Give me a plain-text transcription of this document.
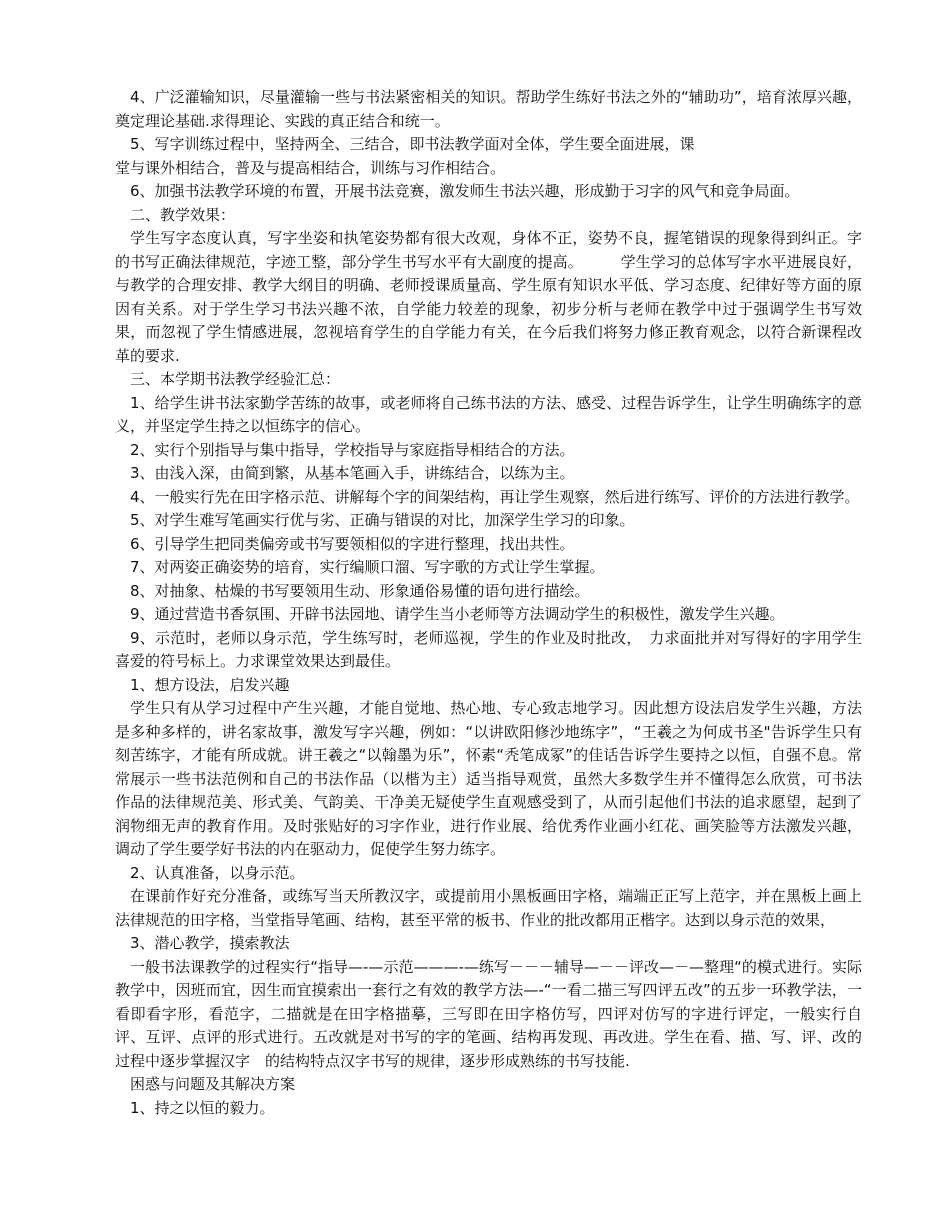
4、广泛灌输知识，尽量灌输一些与书法紧密相关的知识。帮助学生练好书法之外的“辅助功”，培育浓厚兴趣，奠定理论基础.求得理论、实践的真正结合和统一。

5、写字训练过程中，坚持两全、三结合，即书法教学面对全体，学生要全面进展，课

堂与课外相结合，普及与提高相结合，训练与习作相结合。

6、加强书法教学环境的布置，开展书法竞赛，激发师生书法兴趣，形成勤于习字的风气和竞争局面。

二、教学效果：

学生写字态度认真，写字坐姿和执笔姿势都有很大改观，身体不正，姿势不良，握笔错误的现象得到纠正。字的书写正确法律规范，字迹工整，部分学生书写水平有大副度的提高。　　　学生学习的总体写字水平进展良好，与教学的合理安排、教学大纲目的明确、老师授课质量高、学生原有知识水平低、学习态度、纪律好等方面的原因有关系。对于学生学习书法兴趣不浓，自学能力较差的现象，初步分析与老师在教学中过于强调学生书写效果，而忽视了学生情感进展，忽视培育学生的自学能力有关，在今后我们将努力修正教育观念，以符合新课程改革的要求.

三、本学期书法教学经验汇总：

1、给学生讲书法家勤学苦练的故事，或老师将自己练书法的方法、感受、过程告诉学生，让学生明确练字的意义，并坚定学生持之以恒练字的信心。

2、实行个别指导与集中指导，学校指导与家庭指导相结合的方法。

3、由浅入深，由简到繁，从基本笔画入手，讲练结合，以练为主。

4、一般实行先在田字格示范、讲解每个字的间架结构，再让学生观察，然后进行练写、评价的方法进行教学。

5、对学生难写笔画实行优与劣、正确与错误的对比，加深学生学习的印象。

6、引导学生把同类偏旁或书写要领相似的字进行整理，找出共性。

7、对两姿正确姿势的培育，实行编顺口溜、写字歌的方式让学生掌握。

8、对抽象、枯燥的书写要领用生动、形象通俗易懂的语句进行描绘。

9、通过营造书香氛围、开辟书法园地、请学生当小老师等方法调动学生的积极性，激发学生兴趣。

9、示范时，老师以身示范，学生练写时，老师巡视，学生的作业及时批改，　力求面批并对写得好的字用学生喜爱的符号标上。力求课堂效果达到最佳。

1、想方设法，启发兴趣

学生只有从学习过程中产生兴趣，才能自觉地、热心地、专心致志地学习。因此想方设法启发学生兴趣，方法是多种多样的，讲名家故事，激发写字兴趣，例如：“以讲欧阳修沙地练字”，“王羲之为何成书圣"告诉学生只有刻苦练字，才能有所成就。讲王羲之“以翰墨为乐”，怀素“秃笔成冢”的佳话告诉学生要持之以恒，自强不息。常常展示一些书法范例和自己的书法作品（以楷为主）适当指导观赏，虽然大多数学生并不懂得怎么欣赏，可书法作品的法律规范美、形式美、气韵美、干净美无疑使学生直观感受到了，从而引起他们书法的追求愿望，起到了润物细无声的教育作用。及时张贴好的习字作业，进行作业展、给优秀作业画小红花、画笑脸等方法激发兴趣，调动了学生要学好书法的内在驱动力，促使学生努力练字。

2、认真准备，以身示范。

在课前作好充分准备，或练写当天所教汉字，或提前用小黑板画田字格，端端正正写上范字，并在黑板上画上法律规范的田字格，当堂指导笔画、结构，甚至平常的板书、作业的批改都用正楷字。达到以身示范的效果，

3、潜心教学，摸索教法

一般书法课教学的过程实行“指导—-—示范———-—练写－－－辅导—－－评改—－—整理“的模式进行。实际教学中，因班而宜，因生而宜摸索出一套行之有效的教学方法—-“一看二描三写四评五改”的五步一环教学法，一看即看字形，看范字，二描就是在田字格描摹，三写即在田字格仿写，四评对仿写的字进行评定，一般实行自评、互评、点评的形式进行。五改就是对书写的字的笔画、结构再发现、再改进。学生在看、描、写、评、改的过程中逐步掌握汉字　的结构特点汉字书写的规律，逐步形成熟练的书写技能.

困惑与问题及其解决方案

1、持之以恒的毅力。
